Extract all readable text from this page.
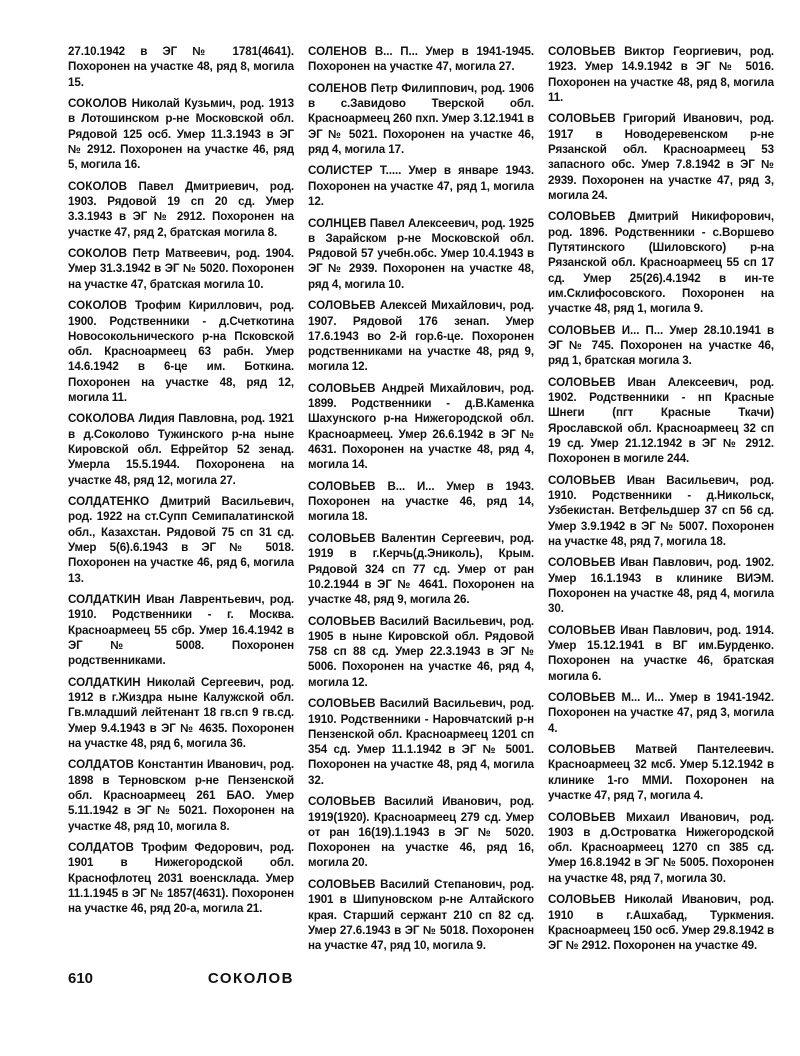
27.10.1942 в ЭГ № 1781(4641). Похоронен на участке 48, ряд 8, могила 15.

СОКОЛОВ Николай Кузьмич, род. 1913 в Лотошинском р-не Московской обл. Рядовой 125 осб. Умер 11.3.1943 в ЭГ № 2912. Похоронен на участке 46, ряд 5, могила 16.

СОКОЛОВ Павел Дмитриевич, род. 1903. Рядовой 19 сп 20 сд. Умер 3.3.1943 в ЭГ № 2912. Похоронен на участке 47, ряд 2, братская могила 8.

СОКОЛОВ Петр Матвеевич, род. 1904. Умер 31.3.1942 в ЭГ № 5020. Похоронен на участке 47, братская могила 10.

СОКОЛОВ Трофим Кириллович, род. 1900. Родственники - д.Счеткотина Новосокольнического р-на Псковской обл. Красноармеец 63 рабн. Умер 14.6.1942 в 6-це им. Боткина. Похоронен на участке 48, ряд 12, могила 11.

СОКОЛОВА Лидия Павловна, род. 1921 в д.Соколово Тужинского р-на ныне Кировской обл. Ефрейтор 52 зенад. Умерла 15.5.1944. Похоронена на участке 48, ряд 12, могила 27.

СОЛДАТЕНКО Дмитрий Васильевич, род. 1922 на ст.Супп Семипалатинской обл., Казахстан. Рядовой 75 сп 31 сд. Умер 5(6).6.1943 в ЭГ № 5018. Похоронен на участке 46, ряд 6, могила 13.

СОЛДАТКИН Иван Лаврентьевич, род. 1910. Родственники - г. Москва. Красноармеец 55 сбр. Умер 16.4.1942 в ЭГ № 5008. Похоронен родственниками.

СОЛДАТКИН Николай Сергеевич, род. 1912 в г.Жиздра ныне Калужской обл. Гв.младший лейтенант 18 гв.сп 9 гв.сд. Умер 9.4.1943 в ЭГ № 4635. Похоронен на участке 48, ряд 6, могила 36.

СОЛДАТОВ Константин Иванович, род. 1898 в Терновском р-не Пензенской обл. Красноармеец 261 БАО. Умер 5.11.1942 в ЭГ № 5021. Похоронен на участке 48, ряд 10, могила 8.

СОЛДАТОВ Трофим Федорович, род. 1901 в Нижегородской обл. Краснофлотец 2031 военсклада. Умер 11.1.1945 в ЭГ № 1857(4631). Похоронен на участке 46, ряд 20-а, могила 21.

СОЛЕНОВ В... П... Умер в 1941-1945. Похоронен на участке 47, могила 27.

СОЛЕНОВ Петр Филиппович, род. 1906 в с.Завидово Тверской обл. Красноармеец 260 пхп. Умер 3.12.1941 в ЭГ № 5021. Похоронен на участке 46, ряд 4, могила 17.

СОЛИСТЕР Т..... Умер в январе 1943. Похоронен на участке 47, ряд 1, могила 12.

СОЛНЦЕВ Павел Алексеевич, род. 1925 в Зарайском р-не Московской обл. Рядовой 57 учебн.обс. Умер 10.4.1943 в ЭГ № 2939. Похоронен на участке 48, ряд 4, могила 10.

СОЛОВЬЕВ Алексей Михайлович, род. 1907. Рядовой 176 зенап. Умер 17.6.1943 во 2-й гор.6-це. Похоронен родственниками на участке 48, ряд 9, могила 12.

СОЛОВЬЕВ Андрей Михайлович, род. 1899. Родственники - д.В.Каменка Шахунского р-на Нижегородской обл. Красноармеец. Умер 26.6.1942 в ЭГ № 4631. Похоронен на участке 48, ряд 4, могила 14.

СОЛОВЬЕВ В... И... Умер в 1943. Похоронен на участке 46, ряд 14, могила 18.

СОЛОВЬЕВ Валентин Сергеевич, род. 1919 в г.Керчь(д.Эниколь), Крым. Рядовой 324 сп 77 сд. Умер от ран 10.2.1944 в ЭГ № 4641. Похоронен на участке 48, ряд 9, могила 26.

СОЛОВЬЕВ Василий Васильевич, род. 1905 в ныне Кировской обл. Рядовой 758 сп 88 сд. Умер 22.3.1943 в ЭГ № 5006. Похоронен на участке 46, ряд 4, могила 12.

СОЛОВЬЕВ Василий Васильевич, род. 1910. Родственники - Наровчатский р-н Пензенской обл. Красноармеец 1201 сп 354 сд. Умер 11.1.1942 в ЭГ № 5001. Похоронен на участке 48, ряд 4, могила 32.

СОЛОВЬЕВ Василий Иванович, род. 1919(1920). Красноармеец 279 сд. Умер от ран 16(19).1.1943 в ЭГ № 5020. Похоронен на участке 46, ряд 16, могила 20.

СОЛОВЬЕВ Василий Степанович, род. 1901 в Шипуновском р-не Алтайского края. Старший сержант 210 сп 82 сд. Умер 27.6.1943 в ЭГ № 5018. Похоронен на участке 47, ряд 10, могила 9.

СОЛОВЬЕВ Виктор Георгиевич, род. 1923. Умер 14.9.1942 в ЭГ № 5016. Похоронен на участке 48, ряд 8, могила 11.

СОЛОВЬЕВ Григорий Иванович, род. 1917 в Новодеревенском р-не Рязанской обл. Красноармеец 53 запасного обс. Умер 7.8.1942 в ЭГ № 2939. Похоронен на участке 47, ряд 3, могила 24.

СОЛОВЬЕВ Дмитрий Никифорович, род. 1896. Родственники - с.Воршево Путятинского (Шиловского) р-на Рязанской обл. Красноармеец 55 сп 17 сд. Умер 25(26).4.1942 в ин-те им.Склифосовского. Похоронен на участке 48, ряд 1, могила 9.

СОЛОВЬЕВ И... П... Умер 28.10.1941 в ЭГ № 745. Похоронен на участке 46, ряд 1, братская могила 3.

СОЛОВЬЕВ Иван Алексеевич, род. 1902. Родственники - нп Красные Шнеги (пгт Красные Ткачи) Ярославской обл. Красноармеец 32 сп 19 сд. Умер 21.12.1942 в ЭГ № 2912. Похоронен в могиле 244.

СОЛОВЬЕВ Иван Васильевич, род. 1910. Родственники - д.Никольск, Узбекистан. Ветфельдшер 37 сп 56 сд. Умер 3.9.1942 в ЭГ № 5007. Похоронен на участке 48, ряд 7, могила 18.

СОЛОВЬЕВ Иван Павлович, род. 1902. Умер 16.1.1943 в клинике ВИЭМ. Похоронен на участке 48, ряд 4, могила 30.

СОЛОВЬЕВ Иван Павлович, род. 1914. Умер 15.12.1941 в ВГ им.Бурденко. Похоронен на участке 46, братская могила 6.

СОЛОВЬЕВ М... И... Умер в 1941-1942. Похоронен на участке 47, ряд 3, могила 4.

СОЛОВЬЕВ Матвей Пантелеевич. Красноармеец 32 мсб. Умер 5.12.1942 в клинике 1-го ММИ. Похоронен на участке 47, ряд 7, могила 4.

СОЛОВЬЕВ Михаил Иванович, род. 1903 в д.Островатка Нижегородской обл. Красноармеец 1270 сп 385 сд. Умер 16.8.1942 в ЭГ № 5005. Похоронен на участке 48, ряд 7, могила 30.

СОЛОВЬЕВ Николай Иванович, род. 1910 в г.Ашхабад, Туркмения. Красноармеец 150 осб. Умер 29.8.1942 в ЭГ № 2912. Похоронен на участке 49.

610	СОКОЛОВ
